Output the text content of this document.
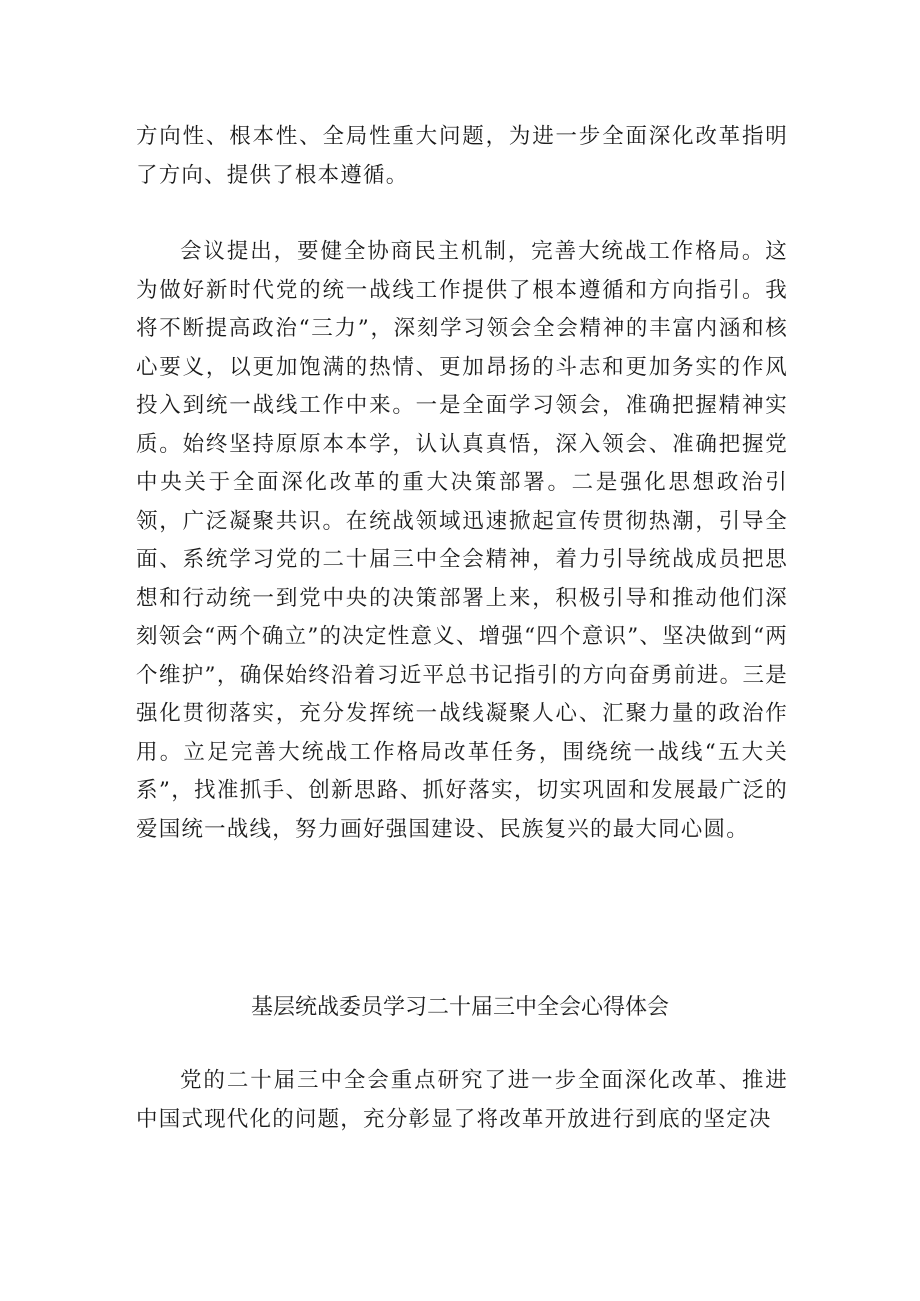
方向性、根本性、全局性重大问题，为进一步全面深化改革指明了方向、提供了根本遵循。

会议提出，要健全协商民主机制，完善大统战工作格局。这为做好新时代党的统一战线工作提供了根本遵循和方向指引。我将不断提高政治“三力”，深刻学习领会全会精神的丰富内涵和核心要义，以更加饱满的热情、更加昂扬的斗志和更加务实的作风投入到统一战线工作中来。一是全面学习领会，准确把握精神实质。始终坚持原原本本学，认认真真悟，深入领会、准确把握党中央关于全面深化改革的重大决策部署。二是强化思想政治引领，广泛凝聚共识。在统战领域迅速掀起宣传贯彻热潮，引导全面、系统学习党的二十届三中全会精神，着力引导统战成员把思想和行动统一到党中央的决策部署上来，积极引导和推动他们深刻领会“两个确立”的决定性意义、增强“四个意识”、坚决做到“两个维护”，确保始终沿着习近平总书记指引的方向奋勇前进。三是强化贯彻落实，充分发挥统一战线凝聚人心、汇聚力量的政治作用。立足完善大统战工作格局改革任务，围绕统一战线“五大关系”，找准抓手、创新思路、抓好落实，切实巩固和发展最广泛的爱国统一战线，努力画好强国建设、民族复兴的最大同心圆。

基层统战委员学习二十届三中全会心得体会

党的二十届三中全会重点研究了进一步全面深化改革、推进中国式现代化的问题，充分彰显了将改革开放进行到底的坚定决
